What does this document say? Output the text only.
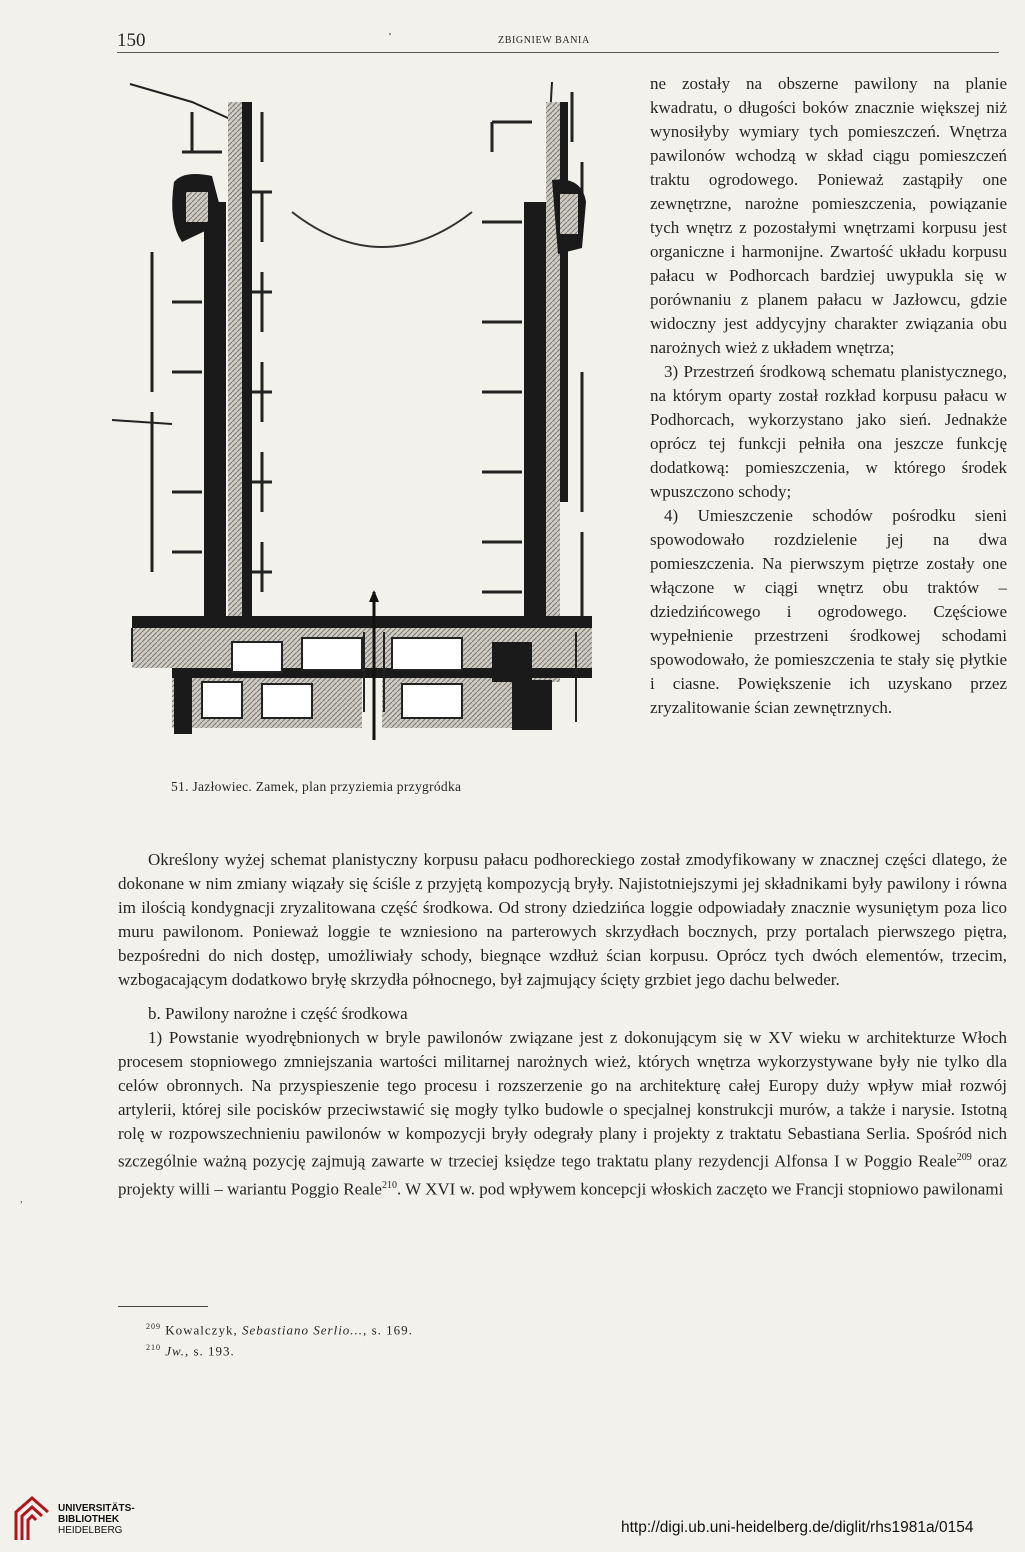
150	ZBIGNIEW BANIA
51. Jazłowiec. Zamek, plan przyziemia przygródka

ne zostały na obszerne pawilony na planie kwadratu, o długości boków znacznie większej niż wynosiłyby wymiary tych pomieszczeń. Wnętrza pawilonów wchodzą w skład ciągu pomieszczeń traktu ogrodowego. Ponieważ zastąpiły one zewnętrzne, narożne pomieszczenia, powiązanie tych wnętrz z pozostałymi wnętrzami korpusu jest organiczne i harmonijne. Zwartość układu korpusu pałacu w Podhorcach bardziej uwypukla się w porównaniu z planem pałacu w Jazłowcu, gdzie widoczny jest addycyjny charakter związania obu narożnych wież z układem wnętrza;

3) Przestrzeń środkową schematu planistycznego, na którym oparty został rozkład korpusu pałacu w Podhorcach, wykorzystano jako sień. Jednakże oprócz tej funkcji pełniła ona jeszcze funkcję dodatkową: pomieszczenia, w którego środek wpuszczono schody;

4) Umieszczenie schodów pośrodku sieni spowodowało rozdzielenie jej na dwa pomieszczenia. Na pierwszym piętrze zostały one włączone w ciągi wnętrz obu traktów – dziedzińcowego i ogrodowego. Częściowe wypełnienie przestrzeni środkowej schodami spowodowało, że pomieszczenia te stały się płytkie i ciasne. Powiększenie ich uzyskano przez zryzalitowanie ścian zewnętrznych.

Określony wyżej schemat planistyczny korpusu pałacu podhoreckiego został zmodyfikowany w znacznej części dlatego, że dokonane w nim zmiany wiązały się ściśle z przyjętą kompozycją bryły. Najistotniejszymi jej składnikami były pawilony i równa im ilością kondygnacji zryzalitowana część środkowa. Od strony dziedzińca loggie odpowiadały znacznie wysuniętym poza lico muru pawilonom. Ponieważ loggie te wzniesiono na parterowych skrzydłach bocznych, przy portalach pierwszego piętra, bezpośredni do nich dostęp, umożliwiały schody, biegnące wzdłuż ścian korpusu. Oprócz tych dwóch elementów, trzecim, wzbogacającym dodatkowo bryłę skrzydła północnego, był zajmujący ścięty grzbiet jego dachu belweder.

b. Pawilony narożne i część środkowa

1) Powstanie wyodrębnionych w bryle pawilonów związane jest z dokonującym się w XV wieku w architekturze Włoch procesem stopniowego zmniejszania wartości militarnej narożnych wież, których wnętrza wykorzystywane były nie tylko dla celów obronnych. Na przyspieszenie tego procesu i rozszerzenie go na architekturę całej Europy duży wpływ miał rozwój artylerii, której sile pocisków przeciwstawić się mogły tylko budowle o specjalnej konstrukcji murów, a także i narysie. Istotną rolę w rozpowszechnieniu pawilonów w kompozycji bryły odegrały plany i projekty z traktatu Sebastiana Serlia. Spośród nich szczególnie ważną pozycję zajmują zawarte w trzeciej księdze tego traktatu plany rezydencji Alfonsa I w Poggio Reale$^{209}$ oraz projekty willi – wariantu Poggio Reale$^{210}$. W XVI w. pod wpływem koncepcji włoskich zaczęto we Francji stopniowo pawilonami

$^{209}$ Kowalczyk, Sebastiano Serlio..., s. 169.
$^{210}$ Jw., s. 193.
,
UNIVERSITÄTS-
BIBLIOTHEK
HEIDELBERG	http://digi.ub.uni-heidelberg.de/diglit/rhs1981a/0154
